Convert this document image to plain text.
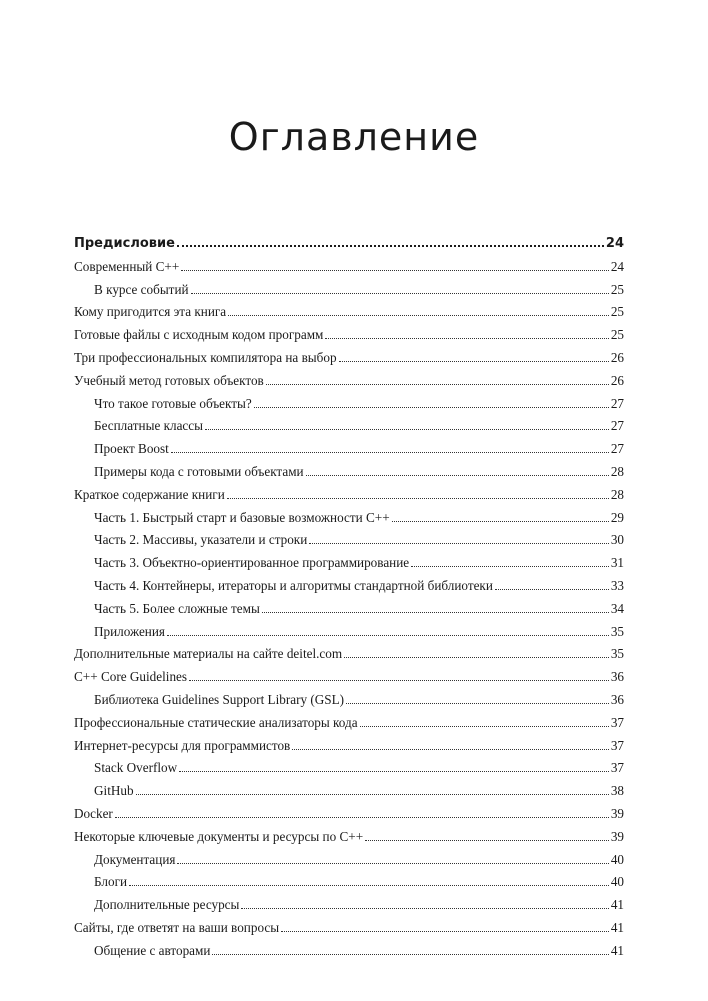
Оглавление
Предисловие	24
Современный C++	24
В курсе событий	25
Кому пригодится эта книга	25
Готовые файлы с исходным кодом программ	25
Три профессиональных компилятора на выбор	26
Учебный метод готовых объектов	26
Что такое готовые объекты?	27
Бесплатные классы	27
Проект Boost	27
Примеры кода с готовыми объектами	28
Краткое содержание книги	28
Часть 1. Быстрый старт и базовые возможности C++	29
Часть 2. Массивы, указатели и строки	30
Часть 3. Объектно-ориентированное программирование	31
Часть 4. Контейнеры, итераторы и алгоритмы стандартной библиотеки	33
Часть 5. Более сложные темы	34
Приложения	35
Дополнительные материалы на сайте deitel.com	35
C++ Core Guidelines	36
Библиотека Guidelines Support Library (GSL)	36
Профессиональные статические анализаторы кода	37
Интернет-ресурсы для программистов	37
Stack Overflow	37
GitHub	38
Docker	39
Некоторые ключевые документы и ресурсы по C++	39
Документация	40
Блоги	40
Дополнительные ресурсы	41
Сайты, где ответят на ваши вопросы	41
Общение с авторами	41
